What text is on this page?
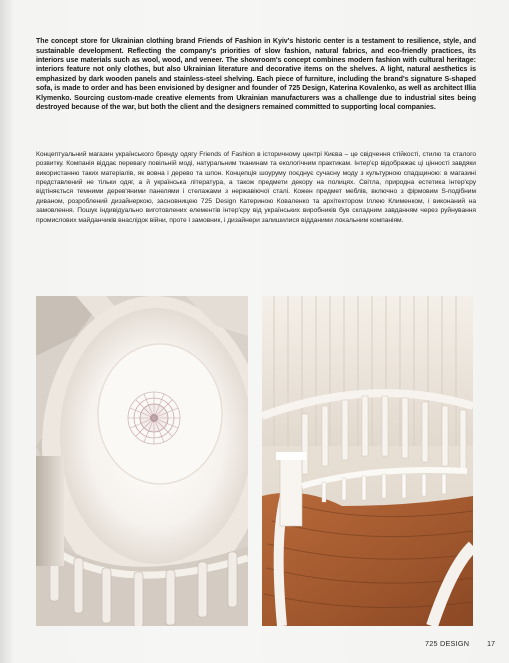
The concept store for Ukrainian clothing brand Friends of Fashion in Kyiv's historic center is a testament to resilience, style, and sustainable development. Reflecting the company's priorities of slow fashion, natural fabrics, and eco-friendly practices, its interiors use materials such as wool, wood, and veneer. The showroom's concept combines modern fashion with cultural heritage: interiors feature not only clothes, but also Ukrainian literature and decorative items on the shelves. A light, natural aesthetics is emphasized by dark wooden panels and stainless-steel shelving. Each piece of furniture, including the brand's signature S-shaped sofa, is made to order and has been envisioned by designer and founder of 725 Design, Katerina Kovalenko, as well as architect Illia Klymenko. Sourcing custom-made creative elements from Ukrainian manufacturers was a challenge due to industrial sites being destroyed because of the war, but both the client and the designers remained committed to supporting local companies.

Концептуальний магазин українського бренду одягу Friends of Fashion в історичному центрі Києва – це свідчення стійкості, стилю та сталого розвитку. Компанія віддає перевагу повільній моді, натуральним тканинам та екологічним практикам. Інтер'єр відображає ці цінності завдяки використанню таких матеріалів, як вовна і дерево та шпон. Концепція шоуруму поєднує сучасну моду з культурною спадщиною: в магазині представлений не тільки одяг, а й українська література, а також предмети декору на полицях. Світла, природна естетика інтер'єру відтіняється темними дерев'яними панелями і стелажами з нержавіючої сталі. Кожен предмет меблів, включно з фірмовим S-подібним диваном, розроблений дизайнеркою, засновницею 725 Design Катериною Коваленко та архітектором Іллею Клименком, і виконаний на замовлення. Пошук індивідуально виготовлених елементів інтер'єру від українських виробників був складним завданням через руйнування промислових майданчиків внаслідок війни, проте і замовник, і дизайнери залишилися відданими локальним компаніям.

725 DESIGN 17
